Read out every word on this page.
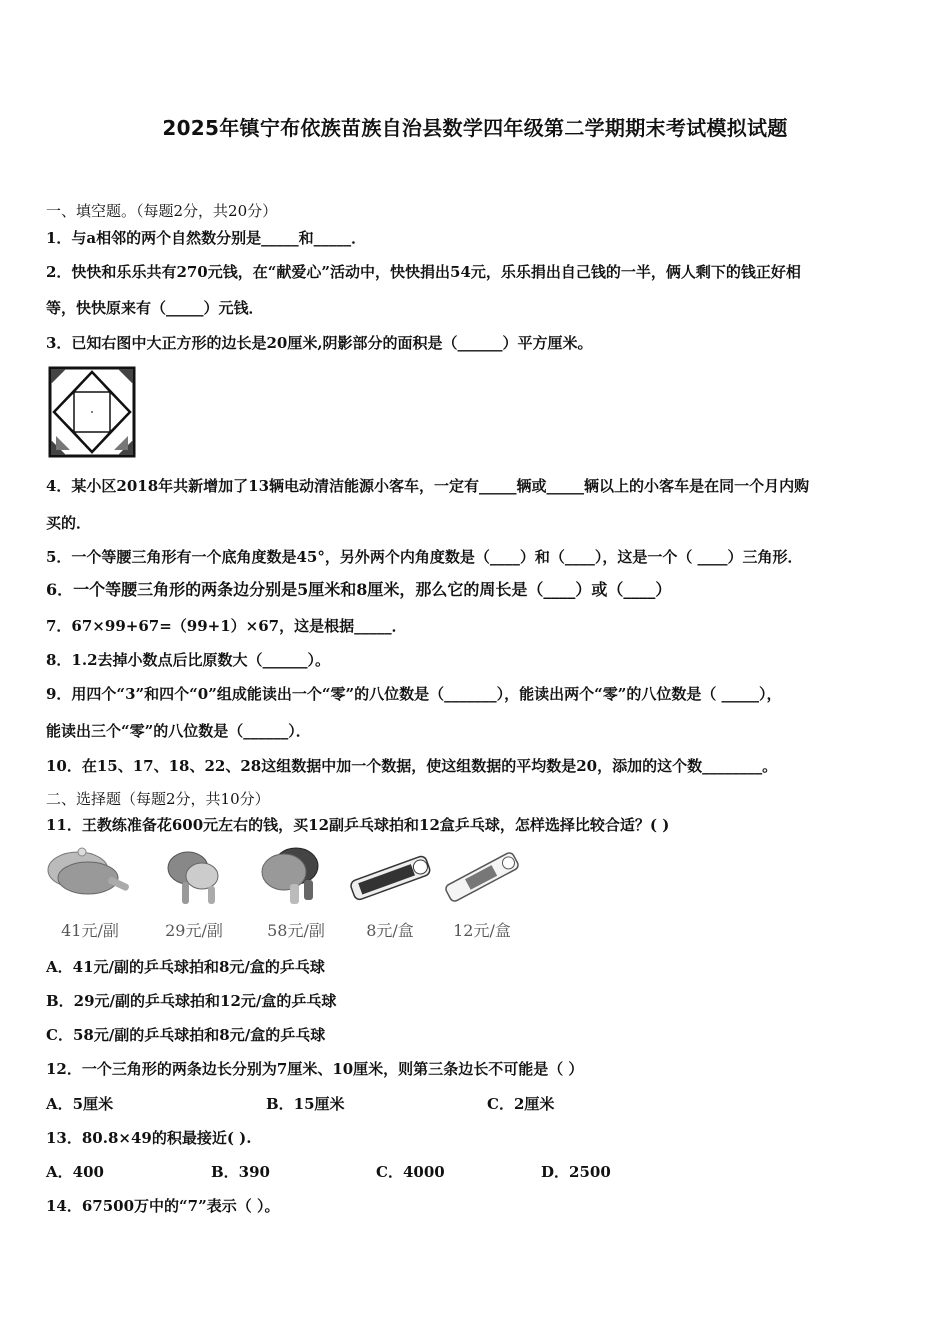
2025年镇宁布依族苗族自治县数学四年级第二学期期末考试模拟试题
一、填空题。（每题2分，共20分）
1．与a相邻的两个自然数分别是_____和_____．
2．快快和乐乐共有270元钱，在“献爱心”活动中，快快捐出54元，乐乐捐出自己钱的一半，俩人剩下的钱正好相
等，快快原来有（_____）元钱．
3．已知右图中大正方形的边长是20厘米,阴影部分的面积是（______）平方厘米。
4．某小区2018年共新增加了13辆电动清洁能源小客车，一定有_____辆或_____辆以上的小客车是在同一个月内购
买的．
5．一个等腰三角形有一个底角度数是45°，另外两个内角度数是（____）和（____），这是一个（ ____）三角形．
6．一个等腰三角形的两条边分别是5厘米和8厘米，那么它的周长是（____）或（____）
7．67×99+67=（99+1）×67，这是根据_____．
8．1.2去掉小数点后比原数大（______）。
9．用四个“3”和四个“0”组成能读出一个“零”的八位数是（_______），能读出两个“零”的八位数是（ _____），
能读出三个“零”的八位数是（______）．
10．在15、17、18、22、28这组数据中加一个数据，使这组数据的平均数是20，添加的这个数________。
二、选择题（每题2分，共10分）
11．王教练准备花600元左右的钱，买12副乒乓球拍和12盒乒乓球，怎样选择比较合适？( )
41元/副	29元/副	58元/副	8元/盒	12元/盒
A．41元/副的乒乓球拍和8元/盒的乒乓球
B．29元/副的乒乓球拍和12元/盒的乒乓球
C．58元/副的乒乓球拍和8元/盒的乒乓球
12．一个三角形的两条边长分别为7厘米、10厘米，则第三条边长不可能是（ ）
A．5厘米	B．15厘米	C．2厘米
13．80.8×49的积最接近( ).
A．400	B．390	C．4000	D．2500
14．67500万中的“7”表示（ ）。
